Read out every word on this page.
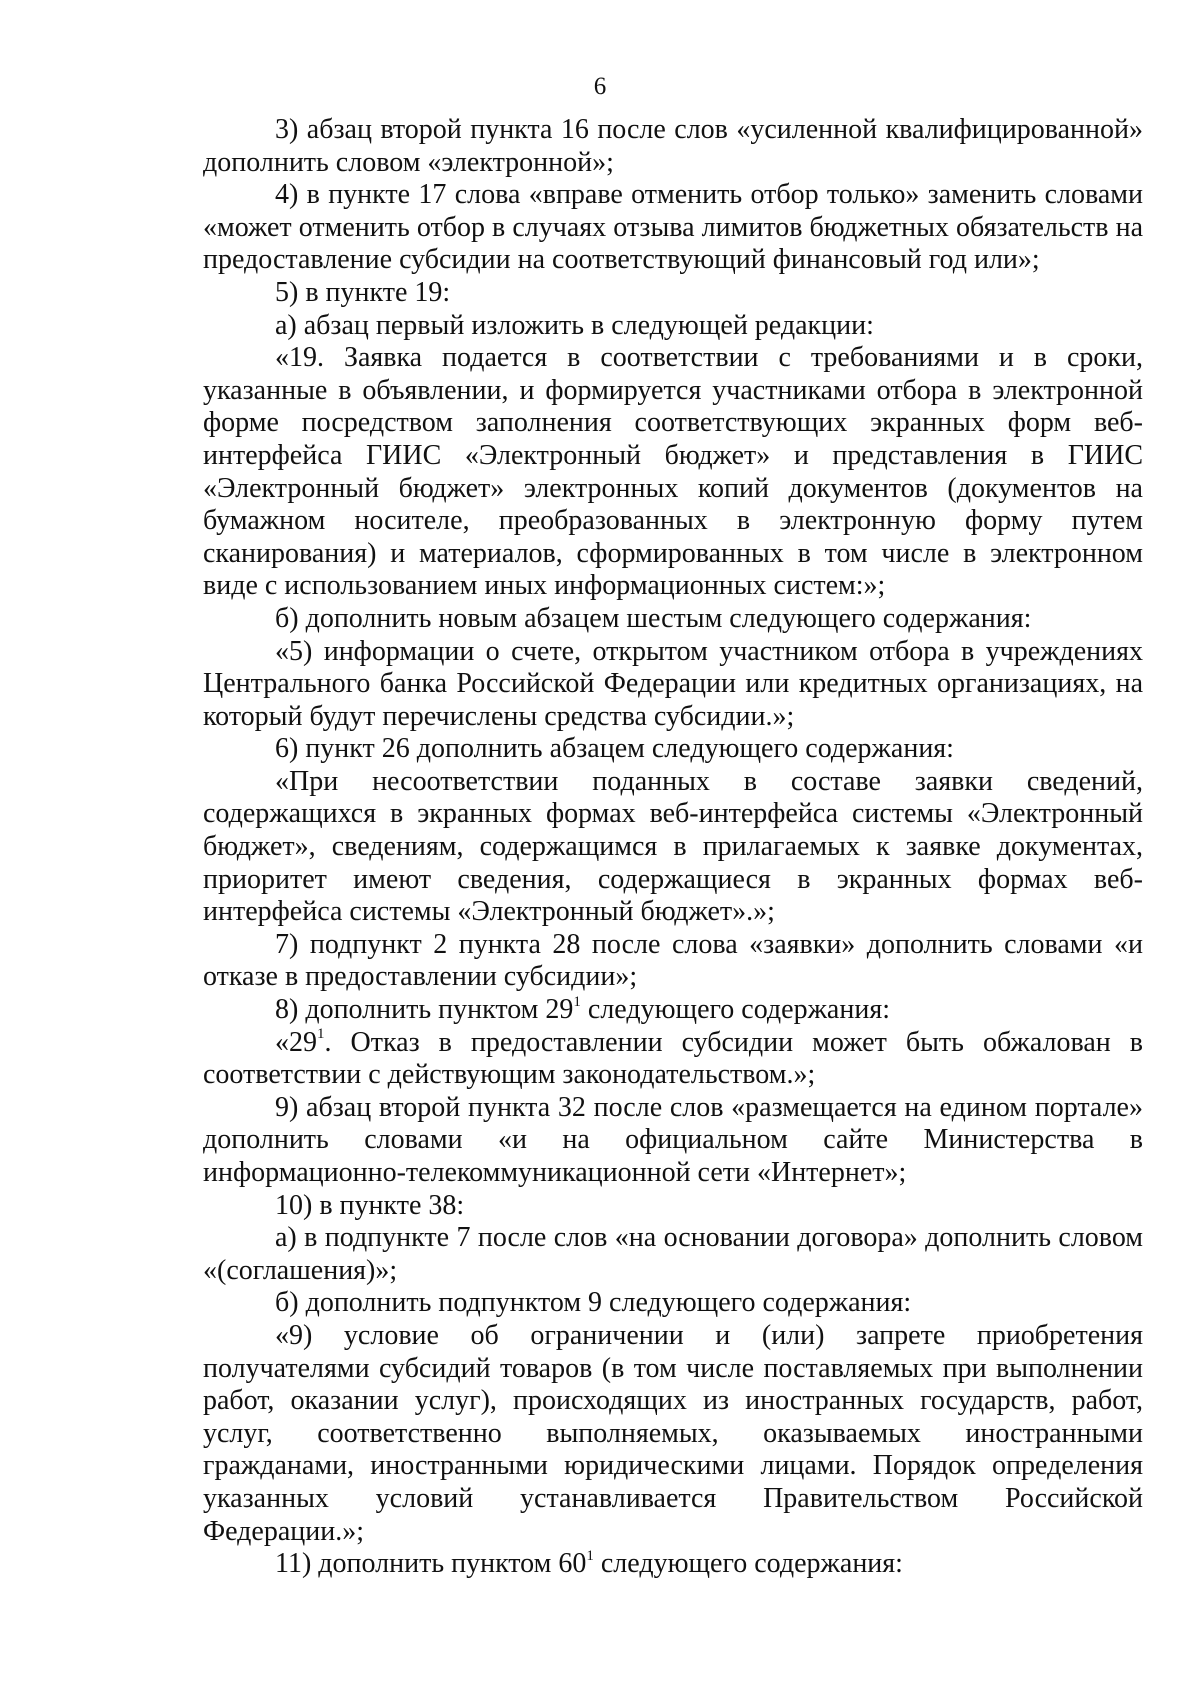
6

3) абзац второй пункта 16 после слов «усиленной квалифицированной» дополнить словом «электронной»;

4) в пункте 17 слова «вправе отменить отбор только» заменить словами «может отменить отбор в случаях отзыва лимитов бюджетных обязательств на предоставление субсидии на соответствующий финансовый год или»;

5) в пункте 19:

а) абзац первый изложить в следующей редакции:

«19. Заявка подается в соответствии с требованиями и в сроки, указанные в объявлении, и формируется участниками отбора в электронной форме посредством заполнения соответствующих экранных форм веб-интерфейса ГИИС «Электронный бюджет» и представления в ГИИС «Электронный бюджет» электронных копий документов (документов на бумажном носителе, преобразованных в электронную форму путем сканирования) и материалов, сформированных в том числе в электронном виде с использованием иных информационных систем:»;

б) дополнить новым абзацем шестым следующего содержания:

«5) информации о счете, открытом участником отбора в учреждениях Центрального банка Российской Федерации или кредитных организациях, на который будут перечислены средства субсидии.»;

6) пункт 26 дополнить абзацем следующего содержания:

«При несоответствии поданных в составе заявки сведений, содержащихся в экранных формах веб-интерфейса системы «Электронный бюджет», сведениям, содержащимся в прилагаемых к заявке документах, приоритет имеют сведения, содержащиеся в экранных формах веб-интерфейса системы «Электронный бюджет».»;

7) подпункт 2 пункта 28 после слова «заявки» дополнить словами «и отказе в предоставлении субсидии»;

8) дополнить пунктом $29^1$ следующего содержания:

«$29^1$. Отказ в предоставлении субсидии может быть обжалован в соответствии с действующим законодательством.»;

9) абзац второй пункта 32 после слов «размещается на едином портале» дополнить словами «и на официальном сайте Министерства в информационно-телекоммуникационной сети «Интернет»;

10) в пункте 38:

а) в подпункте 7 после слов «на основании договора» дополнить словом «(соглашения)»;

б) дополнить подпунктом 9 следующего содержания:

«9) условие об ограничении и (или) запрете приобретения получателями субсидий товаров (в том числе поставляемых при выполнении работ, оказании услуг), происходящих из иностранных государств, работ, услуг, соответственно выполняемых, оказываемых иностранными гражданами, иностранными юридическими лицами. Порядок определения указанных условий устанавливается Правительством Российской Федерации.»;

11) дополнить пунктом $60^1$ следующего содержания:
